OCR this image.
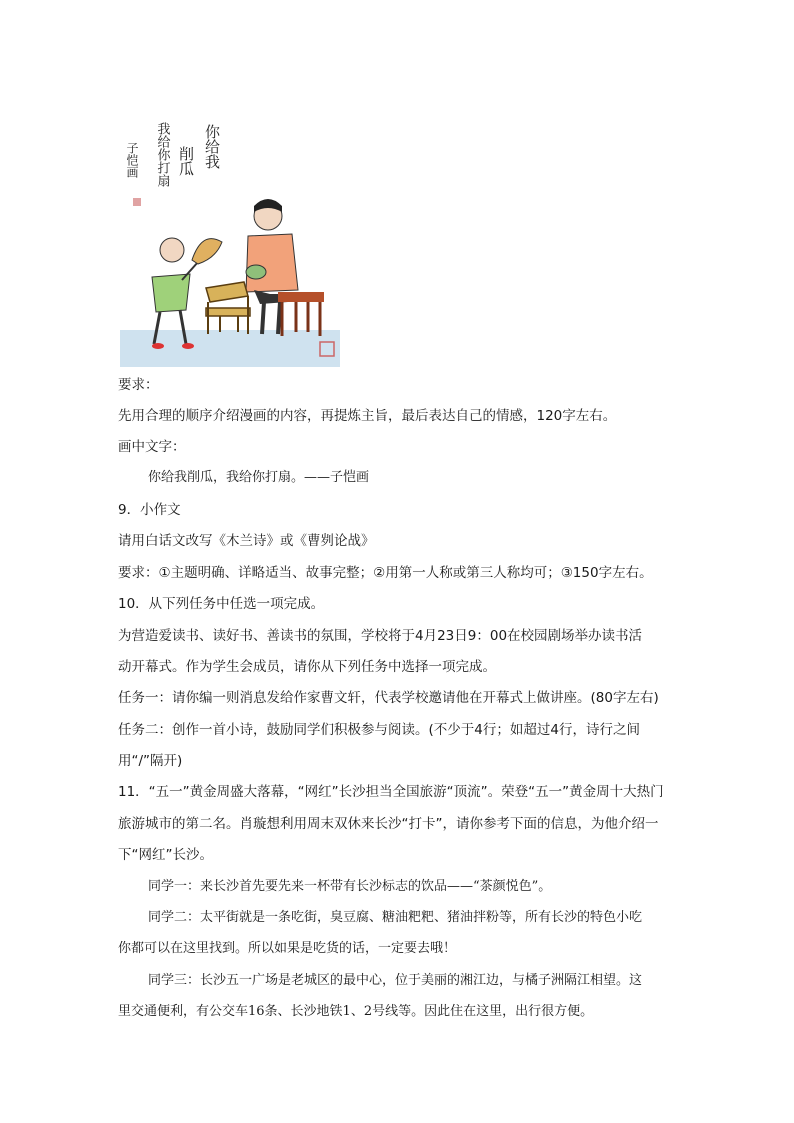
你给我
削瓜
我给你打扇
子恺画
要求：
先用合理的顺序介绍漫画的内容，再提炼主旨，最后表达自己的情感，120字左右。
画中文字：
你给我削瓜，我给你打扇。——子恺画
9．小作文
请用白话文改写《木兰诗》或《曹刿论战》
要求：①主题明确、详略适当、故事完整；②用第一人称或第三人称均可；③150字左右。
10．从下列任务中任选一项完成。
为营造爱读书、读好书、善读书的氛围，学校将于4月23日9：00在校园剧场举办读书活
动开幕式。作为学生会成员，请你从下列任务中选择一项完成。
任务一：请你编一则消息发给作家曹文轩，代表学校邀请他在开幕式上做讲座。(80字左右)
任务二：创作一首小诗，鼓励同学们积极参与阅读。(不少于4行；如超过4行，诗行之间
用“/”隔开)
11．“五一”黄金周盛大落幕，“网红”长沙担当全国旅游“顶流”。荣登“五一”黄金周十大热门
旅游城市的第二名。肖璇想利用周末双休来长沙“打卡”，请你参考下面的信息，为他介绍一
下“网红”长沙。
同学一：来长沙首先要先来一杯带有长沙标志的饮品——“茶颜悦色”。
同学二：太平街就是一条吃街，臭豆腐、糖油粑粑、猪油拌粉等，所有长沙的特色小吃
你都可以在这里找到。所以如果是吃货的话，一定要去哦！
同学三：长沙五一广场是老城区的最中心，位于美丽的湘江边，与橘子洲隔江相望。这
里交通便利，有公交车16条、长沙地铁1、2号线等。因此住在这里，出行很方便。
